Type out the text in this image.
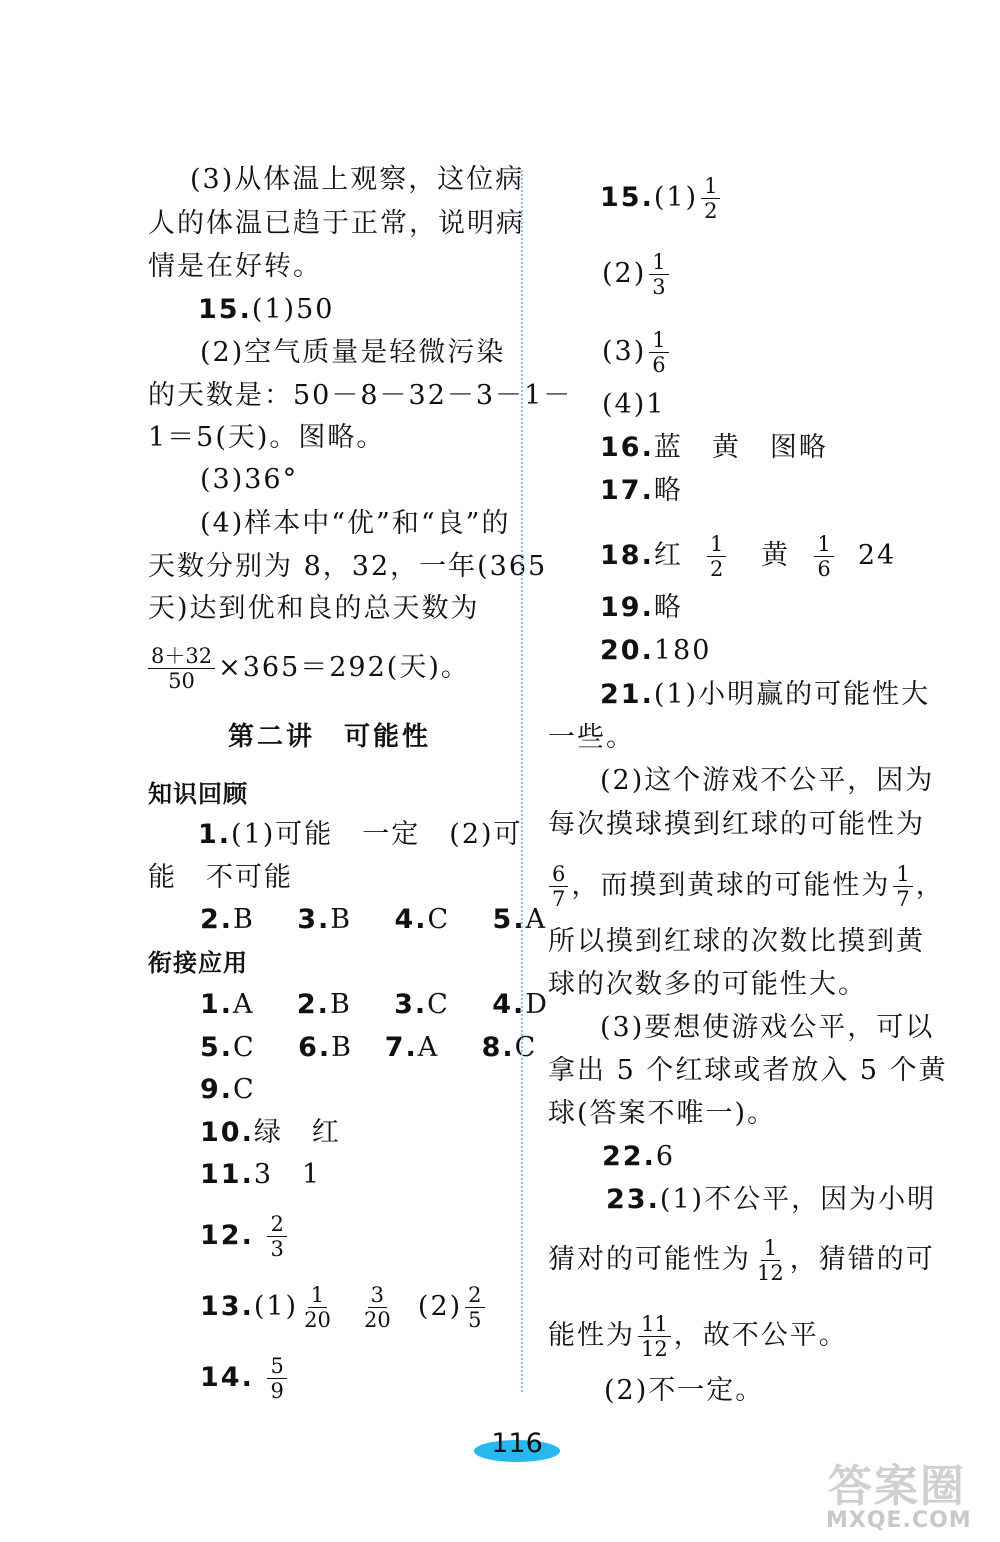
(3)从体温上观察，这位病
人的体温已趋于正常，说明病
情是在好转。
15.(1)50
(2)空气质量是轻微污染
的天数是：50－8－32－3－1－
1＝5(天)。图略。
(3)36°
(4)样本中“优”和“良”的
天数分别为 8，32，一年(365
天)达到优和良的总天数为
$\frac{8+32}{50} \times 365=292$(天)。
第二讲　可能性
知识回顾
1.(1)可能　一定　(2)可
能　不可能
2.B 3.B 4.C 5.A
衔接应用
1.A 2.B 3.C 4.D
5.C 6.B 7.A 8.C
9.C
10.绿　红
11.3　1
12. $\frac{2}{3}$
$13.(1) \frac{1}{20}$
$\frac{3}{20} (2) \frac{2}{5}$
14. $\frac{5}{9}$
$15.(1) \frac{1}{2}$
$(2) \frac{1}{3}$
$(3) \frac{1}{6}$
(4)1
16.蓝　黄　图略
17.略
18.红 $\frac{1}{2}$ 黄 $\frac{1}{6} 24$
19.略
20.180
21.(1)小明赢的可能性大
一些。
(2)这个游戏不公平，因为
每次摸球摸到红球的可能性为
$\frac{6}{7}$ ，而摸到黄球的可能性为 $\frac{1}{7}$ ，
所以摸到红球的次数比摸到黄
球的次数多的可能性大。
(3)要想使游戏公平，可以
拿出 5 个红球或者放入 5 个黄
球(答案不唯一)。
22.6
23.(1)不公平，因为小明
猜对的可能性为 $\frac{1}{12}$ ，猜错的可
能性为 $\frac{11}{12}$ ，故不公平。
(2)不一定。
116
答案圈
MXQE.COM
